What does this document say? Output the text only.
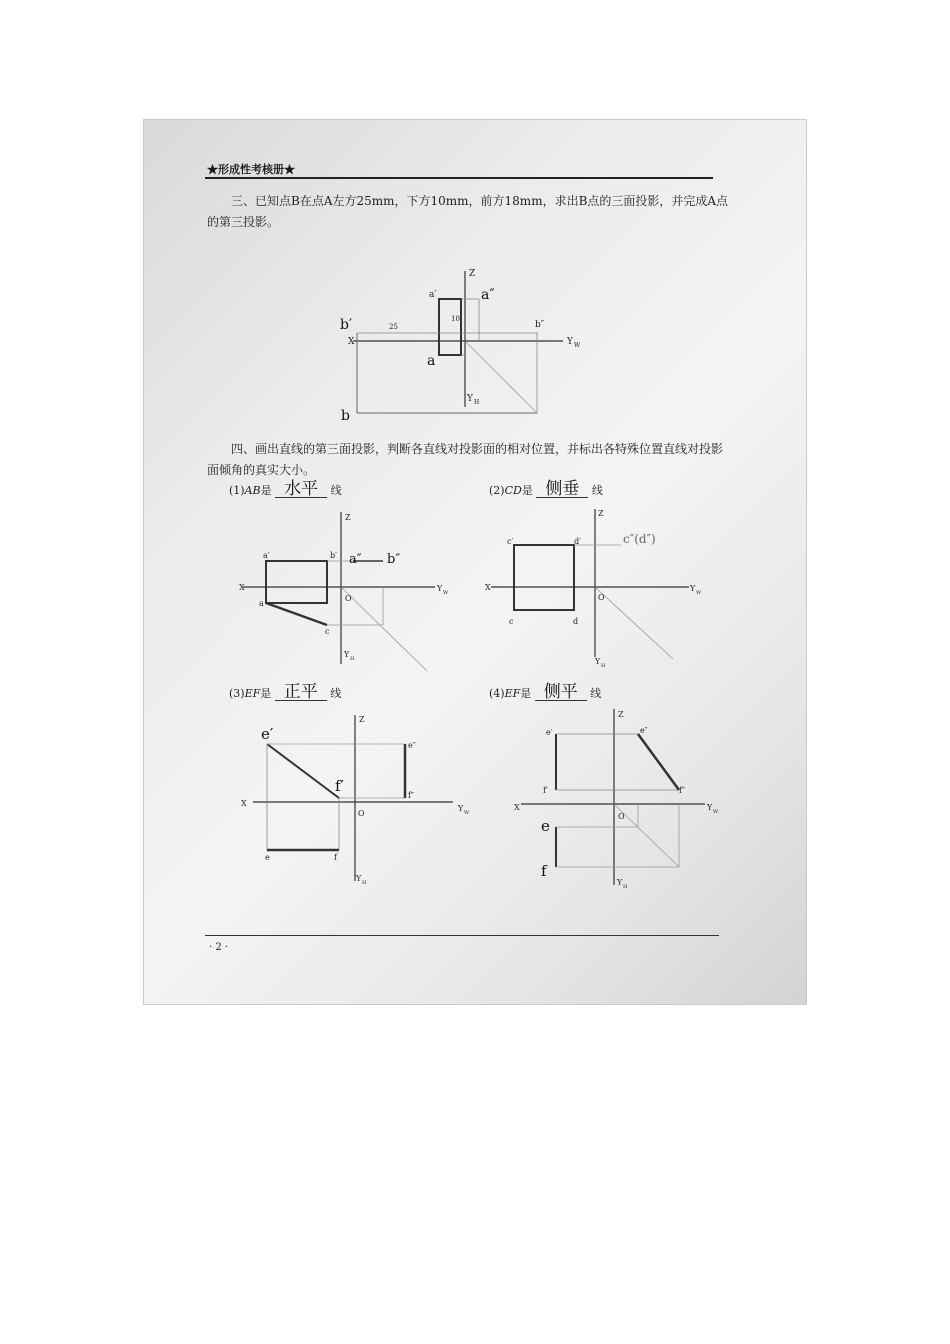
★形成性考核册★
三、已知点B在点A左方25mm，下方10mm，前方18mm，求出B点的三面投影，并完成A点的第三投影。
Z
X	Y W
Y H
a′
10
25	b″
a″
b′
a
b
四、画出直线的第三面投影，判断各直线对投影面的相对位置，并标出各特殊位置直线对投影面倾角的真实大小。
(1)AB是 水平 线	(2)CD是 侧垂 线
(3)EF是 正平 线	(4)EF是 侧平 线
Z
X
O
Y W
Y H
a′	b′
a
c
a″ b″
Z
X
O
Y W
Y H
c′	d′
c	d
c″(d″)
Z
X
O
Y W
Y H
e″
f″
e	f
e′
f′
Z
X
O
Y W
Y H
e′
f′
e″
f″
e
f
· 2 ·
